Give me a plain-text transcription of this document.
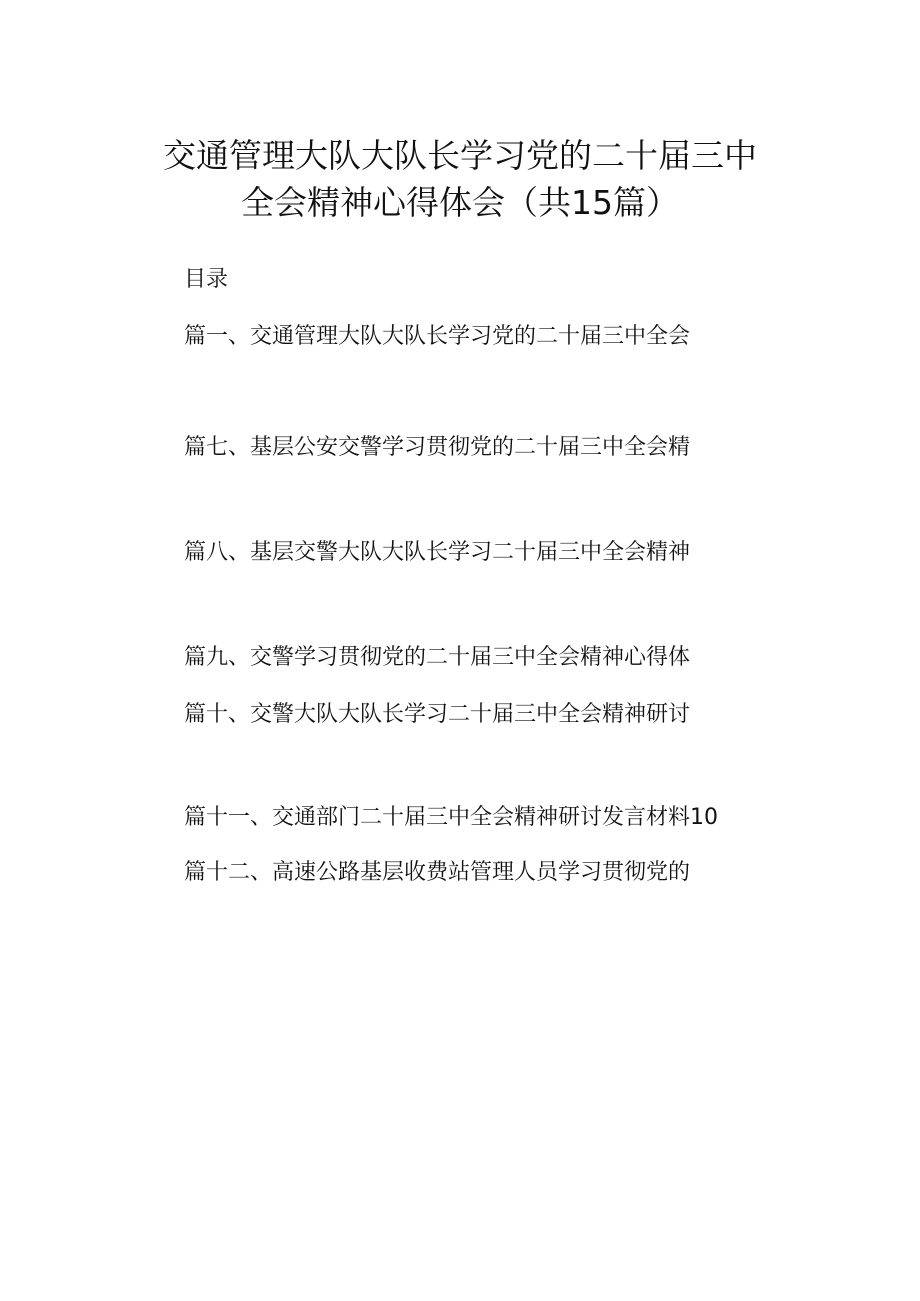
交通管理大队大队长学习党的二十届三中
全会精神心得体会（共15篇）
目录
篇一、交通管理大队大队长学习党的二十届三中全会
篇七、基层公安交警学习贯彻党的二十届三中全会精
篇八、基层交警大队大队长学习二十届三中全会精神
篇九、交警学习贯彻党的二十届三中全会精神心得体
篇十、交警大队大队长学习二十届三中全会精神研讨
篇十一、交通部门二十届三中全会精神研讨发言材料10
篇十二、高速公路基层收费站管理人员学习贯彻党的
